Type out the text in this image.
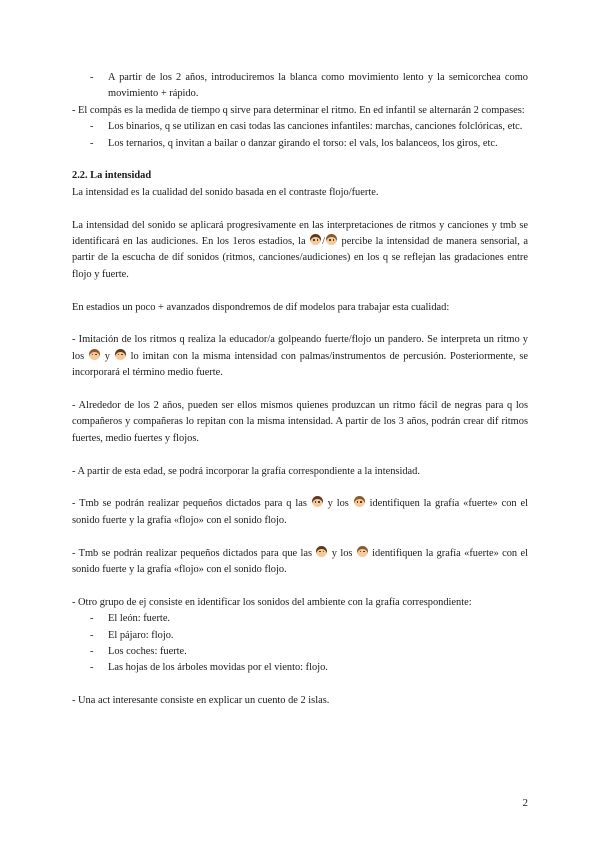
- A partir de los 2 años, introduciremos la blanca como movimiento lento y la semicorchea como movimiento + rápido.

- El compás es la medida de tiempo q sirve para determinar el ritmo. En ed infantil se alternarán 2 compases:

- Los binarios, q se utilizan en casi todas las canciones infantiles: marchas, canciones folclóricas, etc.
- Los ternarios, q invitan a bailar o danzar girando el torso: el vals, los balanceos, los giros, etc.

2.2. La intensidad

La intensidad es la cualidad del sonido basada en el contraste flojo/fuerte.

La intensidad del sonido se aplicará progresivamente en las interpretaciones de ritmos y canciones y tmb se identificará en las audiciones. En los 1eros estadios, la / percibe la intensidad de manera sensorial, a partir de la escucha de dif sonidos (ritmos, canciones/audiciones) en los q se reflejan las gradaciones entre flojo y fuerte.

En estadios un poco + avanzados dispondremos de dif modelos para trabajar esta cualidad:

- Imitación de los ritmos q realiza la educador/a golpeando fuerte/flojo un pandero. Se interpreta un ritmo y los  y  lo imitan con la misma intensidad con palmas/instrumentos de percusión. Posteriormente, se incorporará el término medio fuerte.

- Alrededor de los 2 años, pueden ser ellos mismos quienes produzcan un ritmo fácil de negras para q los compañeros y compañeras lo repitan con la misma intensidad. A partir de los 3 años, podrán crear dif ritmos fuertes, medio fuertes y flojos.

- A partir de esta edad, se podrá incorporar la grafía correspondiente a la intensidad.

- Tmb se podrán realizar pequeños dictados para q las  y los  identifiquen la grafía «fuerte» con el sonido fuerte y la grafía «flojo» con el sonido flojo.

- Tmb se podrán realizar pequeños dictados para que las  y los  identifiquen la grafía «fuerte» con el sonido fuerte y la grafía «flojo» con el sonido flojo.

- Otro grupo de ej consiste en identificar los sonidos del ambiente con la grafía correspondiente:

- El león: fuerte.
- El pájaro: flojo.
- Los coches: fuerte.
- Las hojas de los árboles movidas por el viento: flojo.

- Una act interesante consiste en explicar un cuento de 2 islas.

2
